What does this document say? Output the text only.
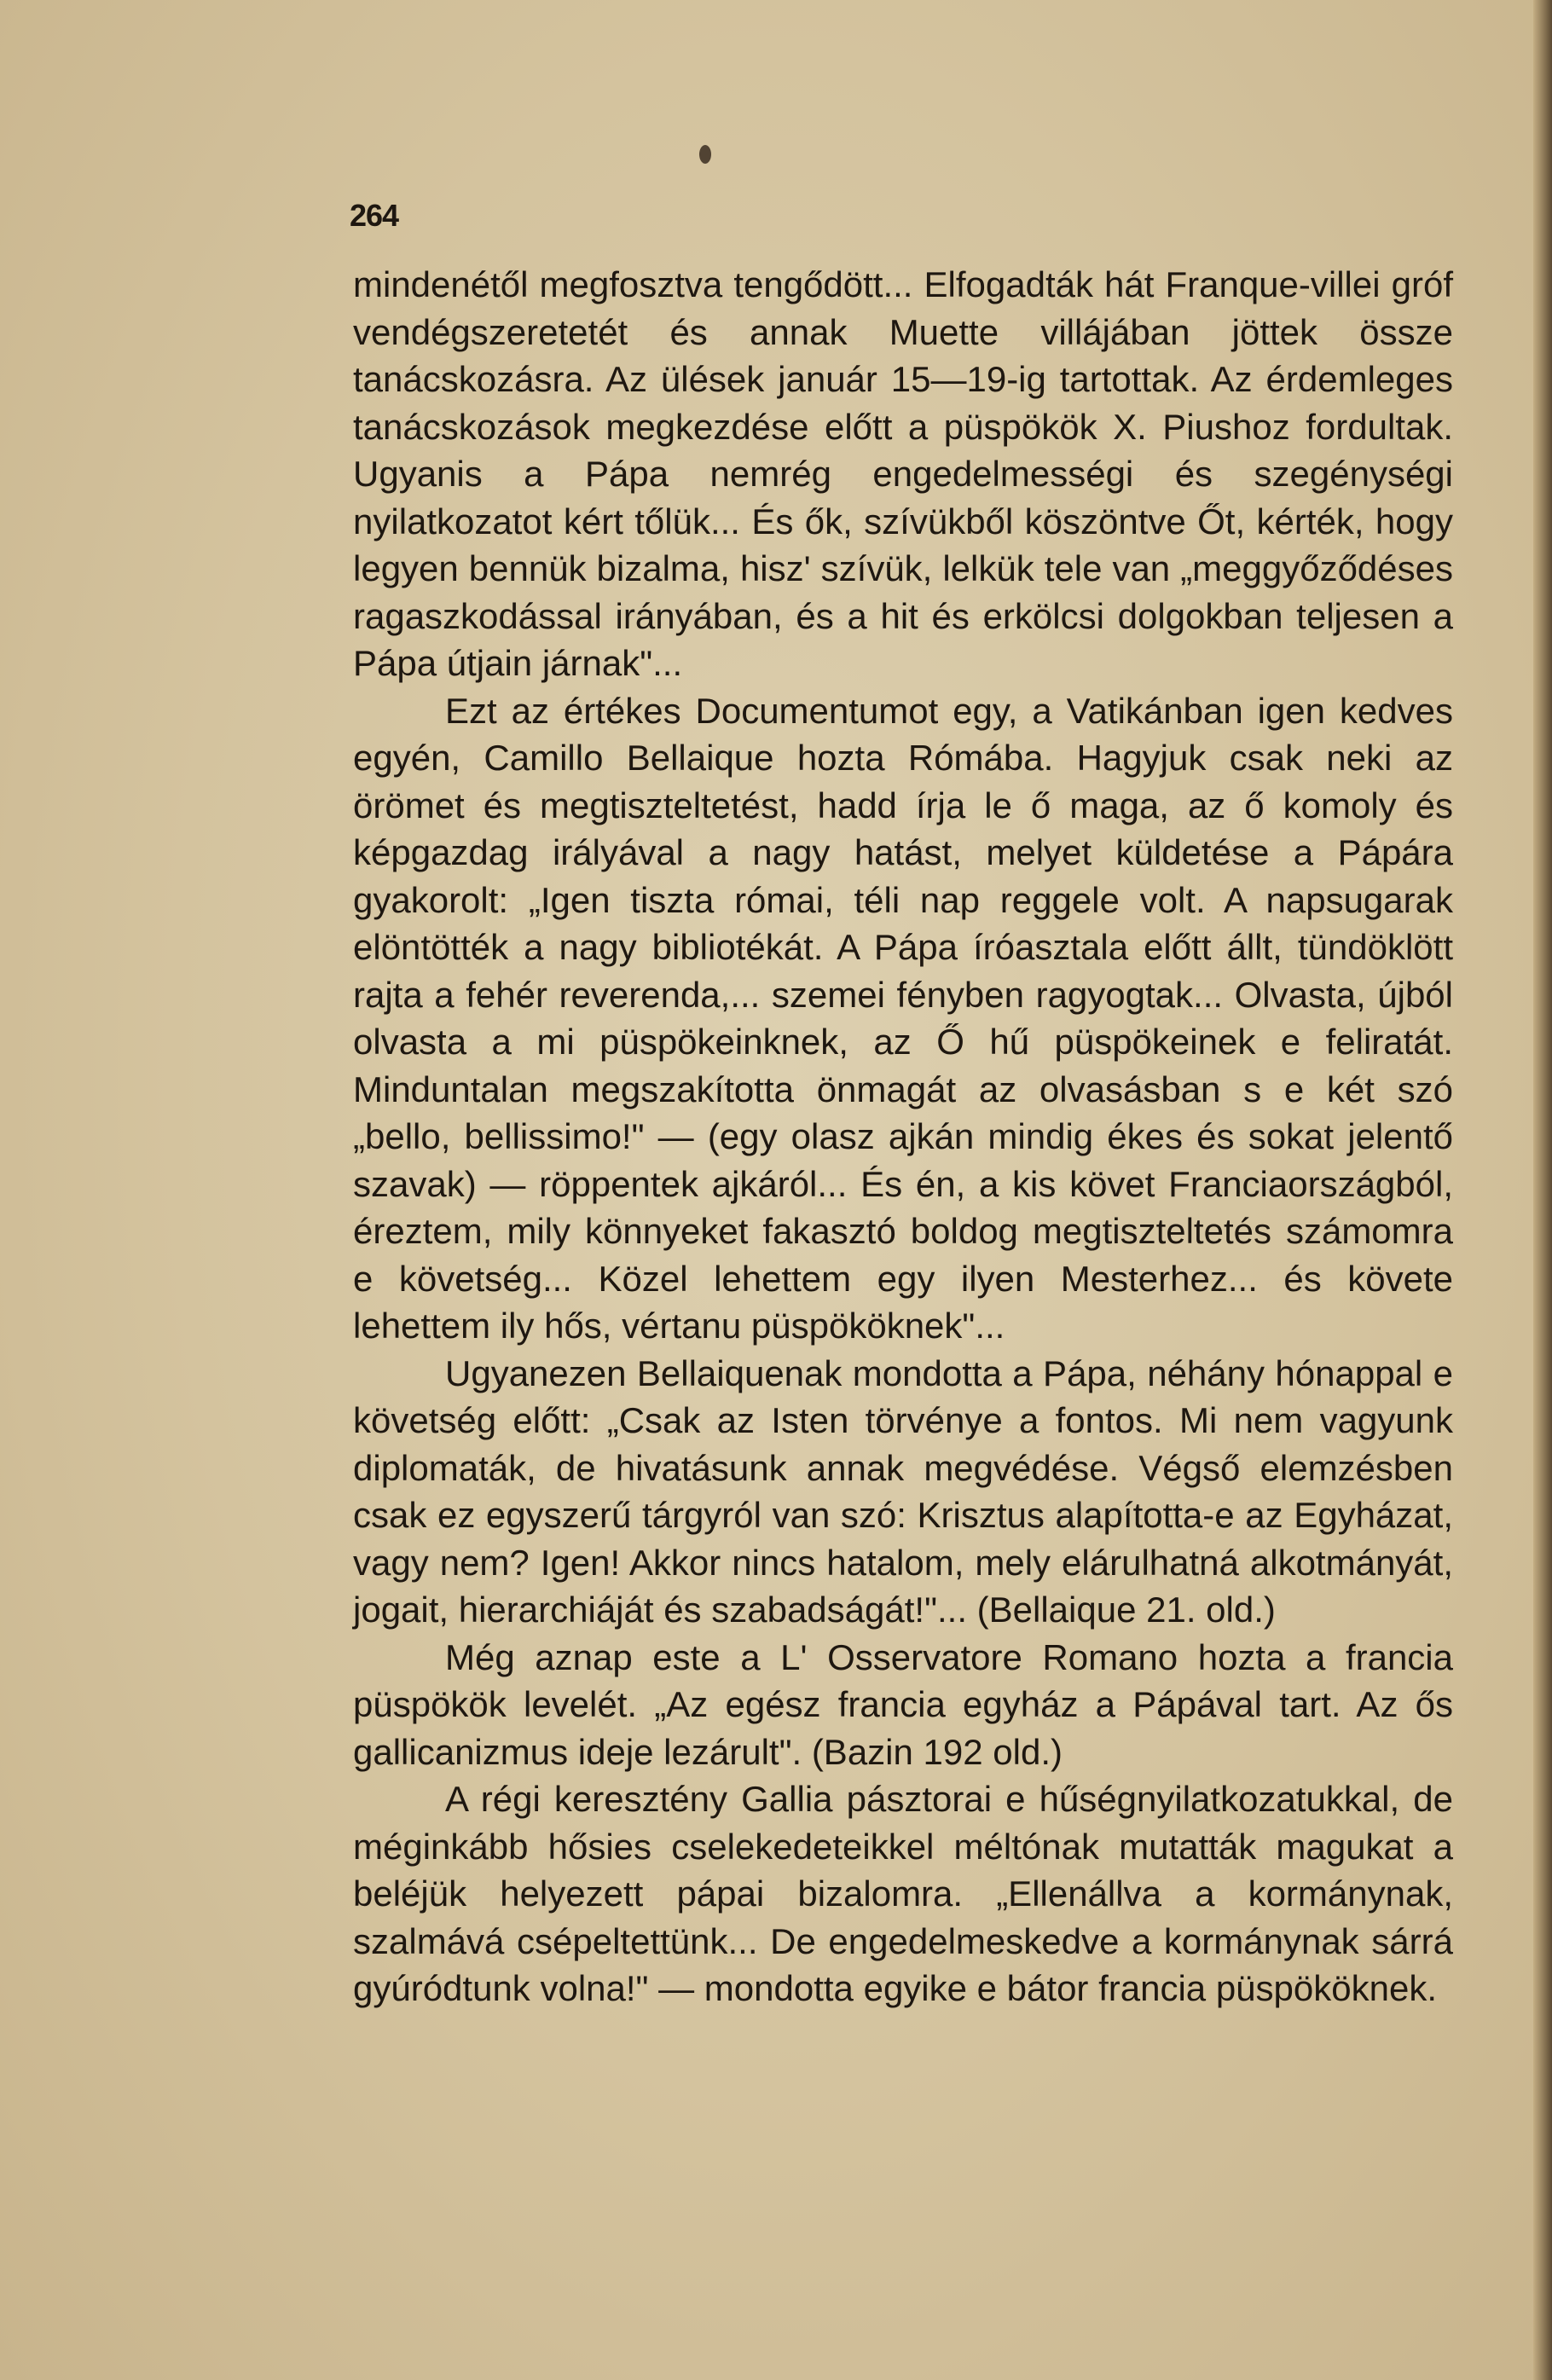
264

mindenétől megfosztva tengődött... Elfogadták hát Franque-villei gróf vendégszeretetét és annak Muette villájában jöttek össze tanácskozásra. Az ülések január 15—19-ig tartottak. Az érdemleges tanácskozások megkezdése előtt a püspökök X. Piushoz fordultak. Ugyanis a Pápa nemrég engedelmességi és szegénységi nyilatkozatot kért tőlük... És ők, szívükből köszöntve Őt, kérték, hogy legyen bennük bizalma, hisz' szívük, lelkük tele van „meggyőződéses ragaszkodással irányában, és a hit és erkölcsi dolgokban teljesen a Pápa útjain járnak"...

Ezt az értékes Documentumot egy, a Vatikánban igen kedves egyén, Camillo Bellaique hozta Rómába. Hagyjuk csak neki az örömet és megtiszteltetést, hadd írja le ő maga, az ő komoly és képgazdag irályával a nagy hatást, melyet küldetése a Pápára gyakorolt: „Igen tiszta római, téli nap reggele volt. A napsugarak elöntötték a nagy bibliotékát. A Pápa íróasztala előtt állt, tündöklött rajta a fehér reverenda,... szemei fényben ragyogtak... Olvasta, újból olvasta a mi püspökeinknek, az Ő hű püspökeinek e feliratát. Minduntalan megszakította önmagát az olvasásban s e két szó „bello, bellissimo!" — (egy olasz ajkán mindig ékes és sokat jelentő szavak) — röppentek ajkáról... És én, a kis követ Franciaországból, éreztem, mily könnyeket fakasztó boldog megtiszteltetés számomra e követség... Közel lehettem egy ilyen Mesterhez... és követe lehettem ily hős, vértanu püspököknek"...

Ugyanezen Bellaiquenak mondotta a Pápa, néhány hónappal e követség előtt: „Csak az Isten törvénye a fontos. Mi nem vagyunk diplomaták, de hivatásunk annak megvédése. Végső elemzésben csak ez egyszerű tárgyról van szó: Krisztus alapította-e az Egyházat, vagy nem? Igen! Akkor nincs hatalom, mely elárulhatná alkotmányát, jogait, hierarchiáját és szabadságát!"... (Bellaique 21. old.)

Még aznap este a L' Osservatore Romano hozta a francia püspökök levelét. „Az egész francia egyház a Pápával tart. Az ős gallicanizmus ideje lezárult". (Bazin 192 old.)

A régi keresztény Gallia pásztorai e hűségnyilatkozatukkal, de méginkább hősies cselekedeteikkel méltónak mutatták magukat a beléjük helyezett pápai bizalomra. „Ellenállva a kormánynak, szalmává csépeltettünk... De engedelmeskedve a kormánynak sárrá gyúródtunk volna!" — mondotta egyike e bátor francia püspököknek.
